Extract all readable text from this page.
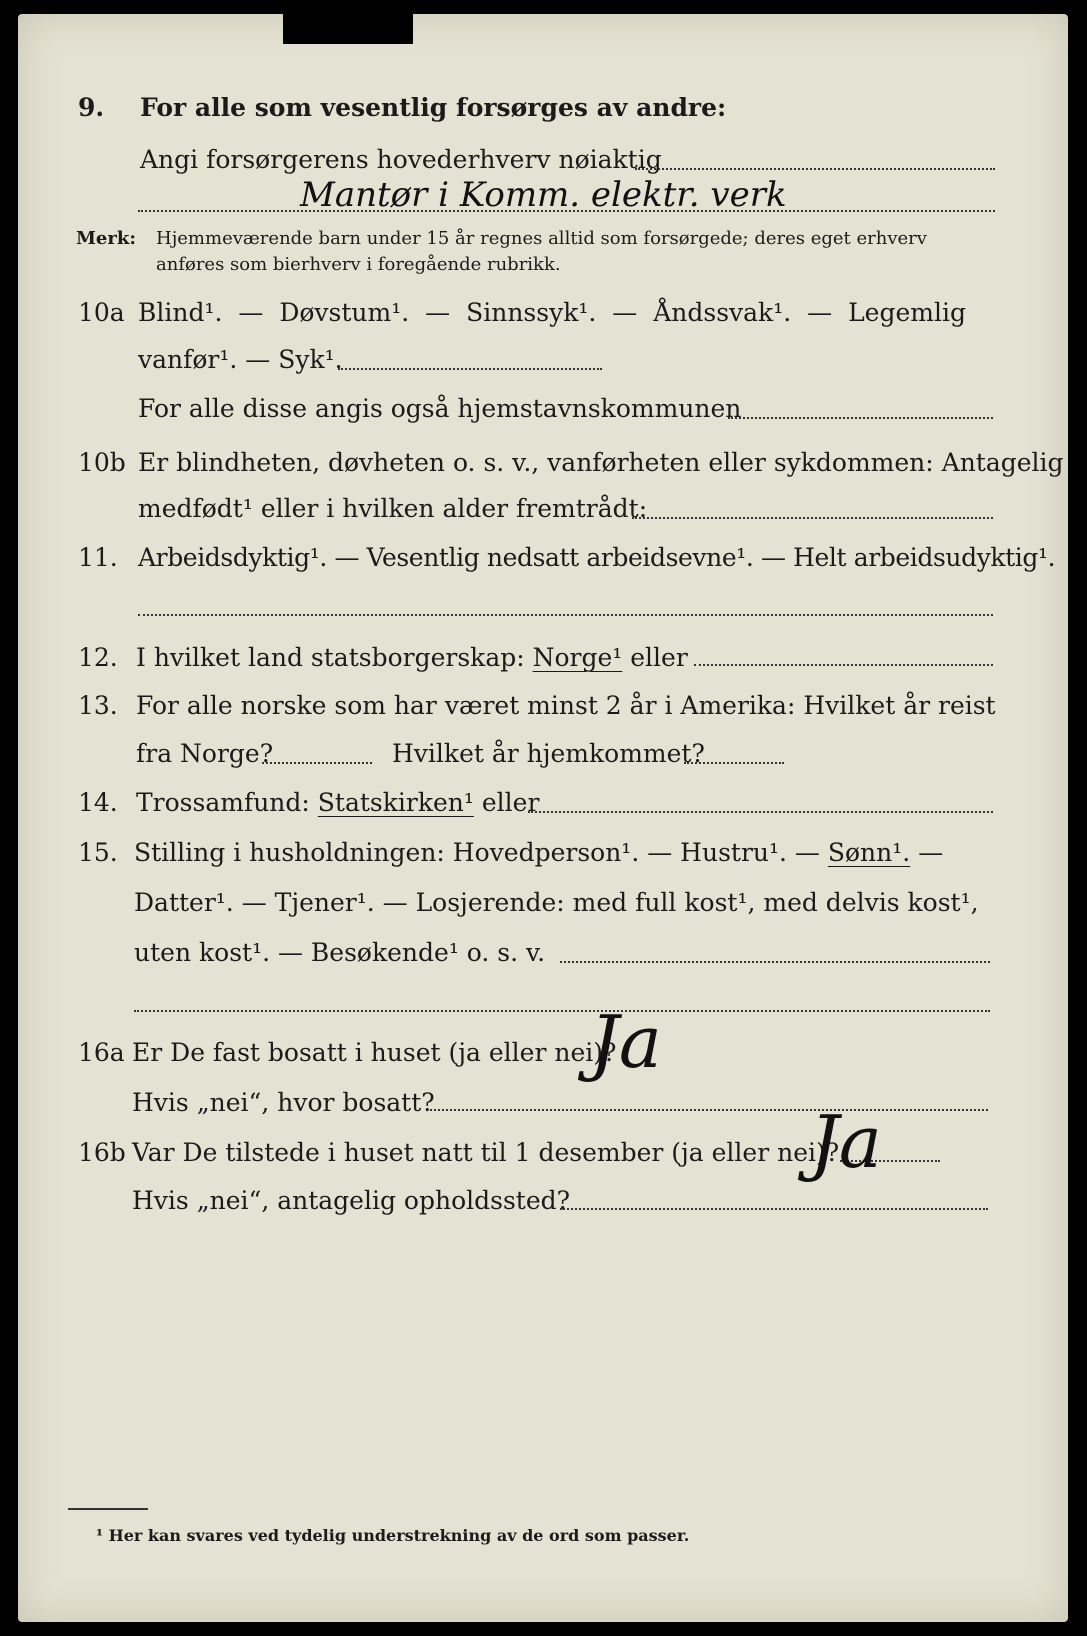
9. For alle som vesentlig forsørges av andre:
Angi forsørgerens hovederhverv nøiaktig
Mantør i Komm. elektr. verk
Merk: Hjemmeværende barn under 15 år regnes alltid som forsørgede; deres eget erhverv
anføres som bierhverv i foregående rubrikk.
10a Blind¹. — Døvstum¹. — Sinnssyk¹. — Åndssvak¹. — Legemlig
vanfør¹. — Syk¹.
For alle disse angis også hjemstavnskommunen
10b Er blindheten, døvheten o. s. v., vanførheten eller sykdommen: Antagelig
medfødt¹ eller i hvilken alder fremtrådt:
11. Arbeidsdyktig¹. — Vesentlig nedsatt arbeidsevne¹. — Helt arbeidsudyktig¹.
12. I hvilket land statsborgerskap: Norge¹ eller
13. For alle norske som har været minst 2 år i Amerika: Hvilket år reist
fra Norge?	Hvilket år hjemkommet?
14. Trossamfund: Statskirken¹ eller
15. Stilling i husholdningen: Hovedperson¹. — Hustru¹. — Sønn¹. —
Datter¹. — Tjener¹. — Losjerende: med full kost¹, med delvis kost¹,
uten kost¹. — Besøkende¹ o. s. v.
16a Er De fast bosatt i huset (ja eller nei)?
Ja
Hvis „nei“, hvor bosatt?
16b Var De tilstede i huset natt til 1 desember (ja eller nei)?
Ja
Hvis „nei“, antagelig opholdssted?
¹ Her kan svares ved tydelig understrekning av de ord som passer.
